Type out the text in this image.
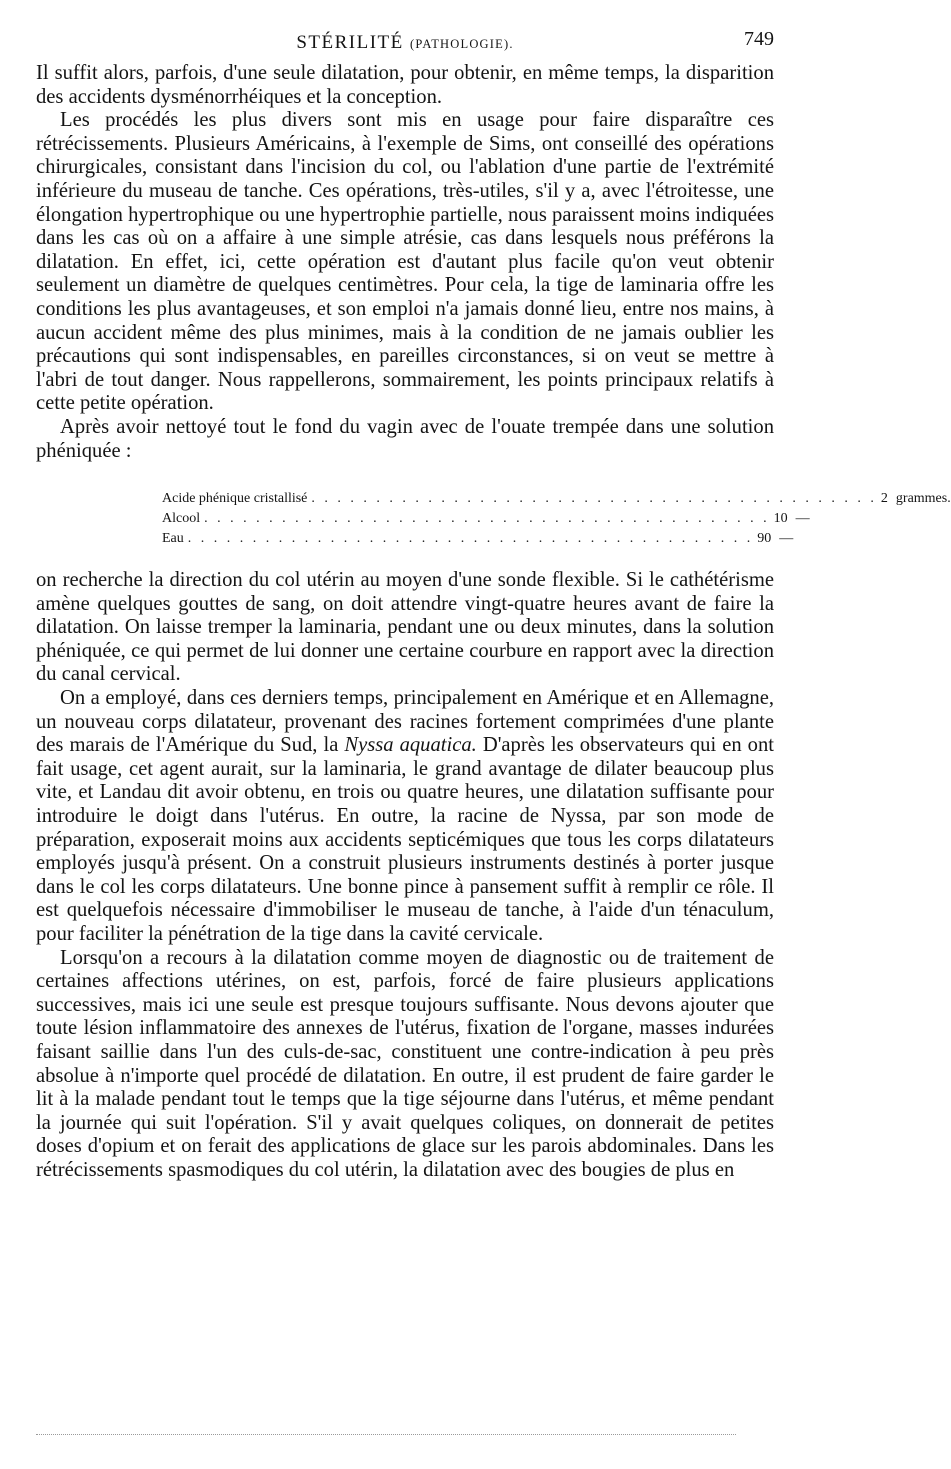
STÉRILITÉ (PATHOLOGIE).	749

Il suffit alors, parfois, d'une seule dilatation, pour obtenir, en même temps, la disparition des accidents dysménorrhéiques et la conception.

Les procédés les plus divers sont mis en usage pour faire disparaître ces rétrécissements. Plusieurs Américains, à l'exemple de Sims, ont conseillé des opérations chirurgicales, consistant dans l'incision du col, ou l'ablation d'une partie de l'extrémité inférieure du museau de tanche. Ces opérations, très-utiles, s'il y a, avec l'étroitesse, une élongation hypertrophique ou une hypertrophie partielle, nous paraissent moins indiquées dans les cas où on a affaire à une simple atrésie, cas dans lesquels nous préférons la dilatation. En effet, ici, cette opération est d'autant plus facile qu'on veut obtenir seulement un diamètre de quelques centimètres. Pour cela, la tige de laminaria offre les conditions les plus avantageuses, et son emploi n'a jamais donné lieu, entre nos mains, à aucun accident même des plus minimes, mais à la condition de ne jamais oublier les précautions qui sont indispensables, en pareilles circonstances, si on veut se mettre à l'abri de tout danger. Nous rappellerons, sommairement, les points principaux relatifs à cette petite opération.

Après avoir nettoyé tout le fond du vagin avec de l'ouate trempée dans une solution phéniquée :

Acide phénique cristallisé . . . . . . . . . . . . . . . . . . . . . . . . . . . . . . . . . . . . . . . . . . . . 2 grammes.
Alcool . . . . . . . . . . . . . . . . . . . . . . . . . . . . . . . . . . . . . . . . . . . . 10 —
Eau . . . . . . . . . . . . . . . . . . . . . . . . . . . . . . . . . . . . . . . . . . . . 90 —

on recherche la direction du col utérin au moyen d'une sonde flexible. Si le cathétérisme amène quelques gouttes de sang, on doit attendre vingt-quatre heures avant de faire la dilatation. On laisse tremper la laminaria, pendant une ou deux minutes, dans la solution phéniquée, ce qui permet de lui donner une certaine courbure en rapport avec la direction du canal cervical.

On a employé, dans ces derniers temps, principalement en Amérique et en Allemagne, un nouveau corps dilatateur, provenant des racines fortement comprimées d'une plante des marais de l'Amérique du Sud, la Nyssa aquatica. D'après les observateurs qui en ont fait usage, cet agent aurait, sur la laminaria, le grand avantage de dilater beaucoup plus vite, et Landau dit avoir obtenu, en trois ou quatre heures, une dilatation suffisante pour introduire le doigt dans l'utérus. En outre, la racine de Nyssa, par son mode de préparation, exposerait moins aux accidents septicémiques que tous les corps dilatateurs employés jusqu'à présent. On a construit plusieurs instruments destinés à porter jusque dans le col les corps dilatateurs. Une bonne pince à pansement suffit à remplir ce rôle. Il est quelquefois nécessaire d'immobiliser le museau de tanche, à l'aide d'un ténaculum, pour faciliter la pénétration de la tige dans la cavité cervicale.

Lorsqu'on a recours à la dilatation comme moyen de diagnostic ou de traitement de certaines affections utérines, on est, parfois, forcé de faire plusieurs applications successives, mais ici une seule est presque toujours suffisante. Nous devons ajouter que toute lésion inflammatoire des annexes de l'utérus, fixation de l'organe, masses indurées faisant saillie dans l'un des culs-de-sac, constituent une contre-indication à peu près absolue à n'importe quel procédé de dilatation. En outre, il est prudent de faire garder le lit à la malade pendant tout le temps que la tige séjourne dans l'utérus, et même pendant la journée qui suit l'opération. S'il y avait quelques coliques, on donnerait de petites doses d'opium et on ferait des applications de glace sur les parois abdominales. Dans les rétrécissements spasmodiques du col utérin, la dilatation avec des bougies de plus en
